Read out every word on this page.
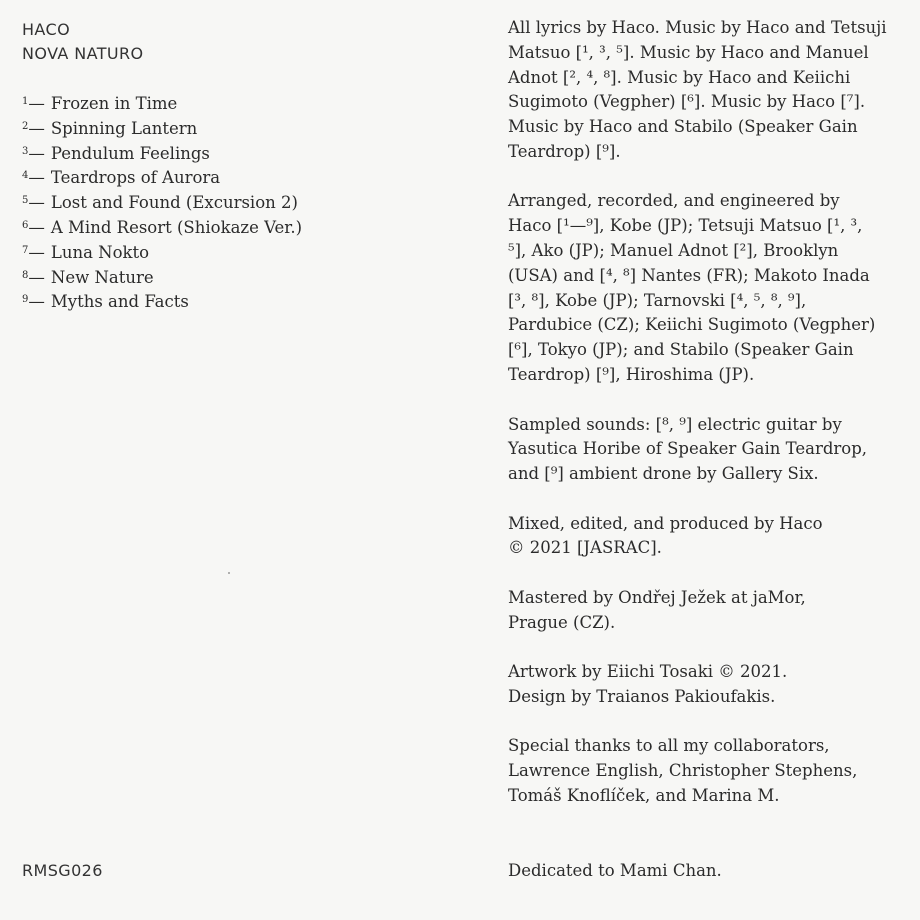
HACO
NOVA NATURO
$^1$— Frozen in Time
$^2$— Spinning Lantern
$^3$— Pendulum Feelings
$^4$— Teardrops of Aurora
$^5$— Lost and Found (Excursion 2)
$^6$— A Mind Resort (Shiokaze Ver.)
$^7$— Luna Nokto
$^8$— New Nature
$^9$— Myths and Facts
RMSG026

All lyrics by Haco. Music by Haco and Tetsuji
Matsuo [¹, ³, ⁵]. Music by Haco and Manuel
Adnot [², ⁴, ⁸]. Music by Haco and Keiichi
Sugimoto (Vegpher) [⁶]. Music by Haco [⁷].
Music by Haco and Stabilo (Speaker Gain
Teardrop) [⁹].

Arranged, recorded, and engineered by
Haco [¹—⁹], Kobe (JP); Tetsuji Matsuo [¹, ³,
⁵], Ako (JP); Manuel Adnot [²], Brooklyn
(USA) and [⁴, ⁸] Nantes (FR); Makoto Inada
[³, ⁸], Kobe (JP); Tarnovski [⁴, ⁵, ⁸, ⁹],
Pardubice (CZ); Keiichi Sugimoto (Vegpher)
[⁶], Tokyo (JP); and Stabilo (Speaker Gain
Teardrop) [⁹], Hiroshima (JP).

Sampled sounds: [⁸, ⁹] electric guitar by
Yasutica Horibe of Speaker Gain Teardrop,
and [⁹] ambient drone by Gallery Six.

Mixed, edited, and produced by Haco
© 2021 [JASRAC].

Mastered by Ondřej Ježek at jaMor,
Prague (CZ).

Artwork by Eiichi Tosaki © 2021.
Design by Traianos Pakioufakis.

Special thanks to all my collaborators,
Lawrence English, Christopher Stephens,
Tomáš Knoflíček, and Marina M.

Dedicated to Mami Chan.
